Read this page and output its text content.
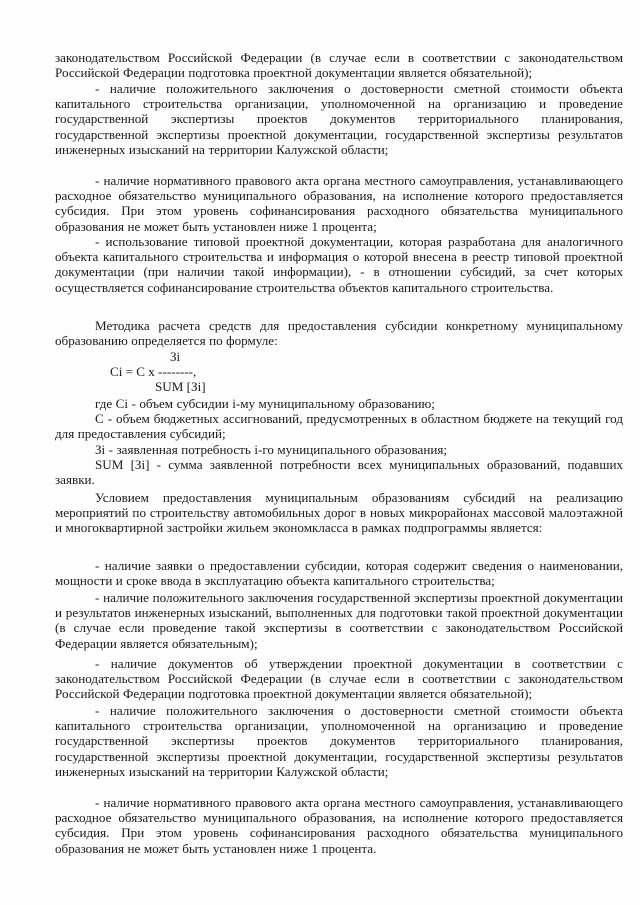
законодательством Российской Федерации (в случае если в соответствии с законодательством Российской Федерации подготовка проектной документации является обязательной);

- наличие положительного заключения о достоверности сметной стоимости объекта капитального строительства организации, уполномоченной на организацию и проведение государственной экспертизы проектов документов территориального планирования, государственной экспертизы проектной документации, государственной экспертизы результатов инженерных изысканий на территории Калужской области;

- наличие нормативного правового акта органа местного самоуправления, устанавливающего расходное обязательство муниципального образования, на исполнение которого предоставляется субсидия. При этом уровень софинансирования расходного обязательства муниципального образования не может быть установлен ниже 1 процента;

- использование типовой проектной документации, которая разработана для аналогичного объекта капитального строительства и информация о которой внесена в реестр типовой проектной документации (при наличии такой информации), - в отношении субсидий, за счет которых осуществляется софинансирование строительства объектов капитального строительства.

Методика расчета средств для предоставления субсидии конкретному муниципальному образованию определяется по формуле:

Зi
Ci = C x --------,
SUM [Зi]

где Ci - объем субсидии i-му муниципальному образованию;

С - объем бюджетных ассигнований, предусмотренных в областном бюджете на текущий год для предоставления субсидий;

Зi - заявленная потребность i-го муниципального образования;

SUM [Зi] - сумма заявленной потребности всех муниципальных образований, подавших заявки.

Условием предоставления муниципальным образованиям субсидий на реализацию мероприятий по строительству автомобильных дорог в новых микрорайонах массовой малоэтажной и многоквартирной застройки жильем экономкласса в рамках подпрограммы является:

- наличие заявки о предоставлении субсидии, которая содержит сведения о наименовании, мощности и сроке ввода в эксплуатацию объекта капитального строительства;

- наличие положительного заключения государственной экспертизы проектной документации и результатов инженерных изысканий, выполненных для подготовки такой проектной документации (в случае если проведение такой экспертизы в соответствии с законодательством Российской Федерации является обязательным);

- наличие документов об утверждении проектной документации в соответствии с законодательством Российской Федерации (в случае если в соответствии с законодательством Российской Федерации подготовка проектной документации является обязательной);

- наличие положительного заключения о достоверности сметной стоимости объекта капитального строительства организации, уполномоченной на организацию и проведение государственной экспертизы проектов документов территориального планирования, государственной экспертизы проектной документации, государственной экспертизы результатов инженерных изысканий на территории Калужской области;

- наличие нормативного правового акта органа местного самоуправления, устанавливающего расходное обязательство муниципального образования, на исполнение которого предоставляется субсидия. При этом уровень софинансирования расходного обязательства муниципального образования не может быть установлен ниже 1 процента.
